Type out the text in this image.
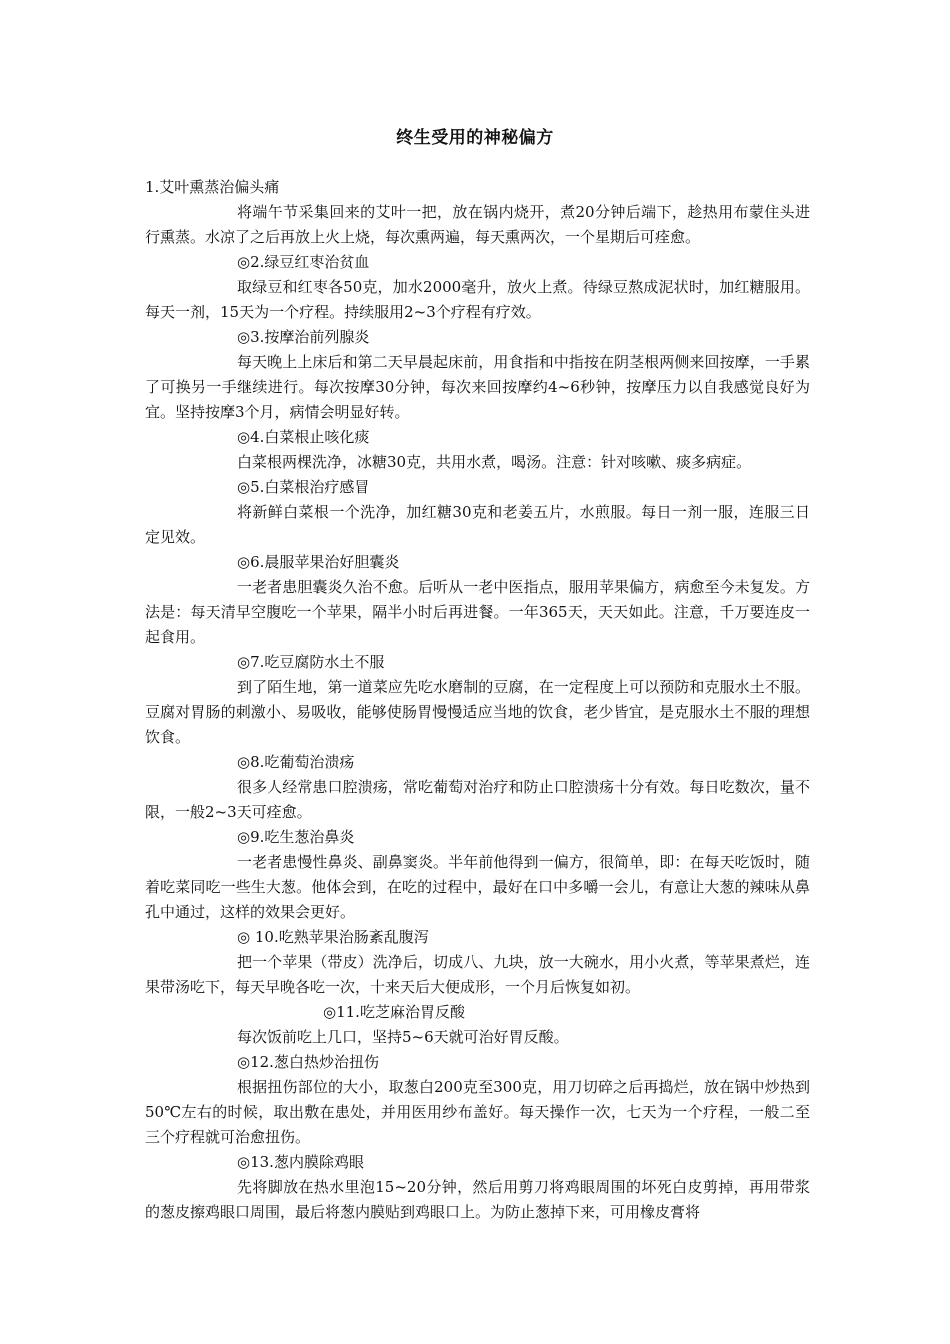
终生受用的神秘偏方

1.艾叶熏蒸治偏头痛

将端午节采集回来的艾叶一把，放在锅内烧开，煮20分钟后端下，趁热用布蒙住头进行熏蒸。水凉了之后再放上火上烧，每次熏两遍，每天熏两次，一个星期后可痊愈。

◎2.绿豆红枣治贫血

取绿豆和红枣各50克，加水2000毫升，放火上煮。待绿豆熬成泥状时，加红糖服用。每天一剂，15天为一个疗程。持续服用2~3个疗程有疗效。

◎3.按摩治前列腺炎

每天晚上上床后和第二天早晨起床前，用食指和中指按在阴茎根两侧来回按摩，一手累了可换另一手继续进行。每次按摩30分钟，每次来回按摩约4~6秒钟，按摩压力以自我感觉良好为宜。坚持按摩3个月，病情会明显好转。

◎4.白菜根止咳化痰

白菜根两棵洗净，冰糖30克，共用水煮，喝汤。注意：针对咳嗽、痰多病症。

◎5.白菜根治疗感冒

将新鲜白菜根一个洗净，加红糖30克和老姜五片，水煎服。每日一剂一服，连服三日定见效。

◎6.晨服苹果治好胆囊炎

一老者患胆囊炎久治不愈。后听从一老中医指点，服用苹果偏方，病愈至今未复发。方法是：每天清早空腹吃一个苹果，隔半小时后再进餐。一年365天，天天如此。注意，千万要连皮一起食用。

◎7.吃豆腐防水土不服

到了陌生地，第一道菜应先吃水磨制的豆腐，在一定程度上可以预防和克服水土不服。豆腐对胃肠的刺激小、易吸收，能够使肠胃慢慢适应当地的饮食，老少皆宜，是克服水土不服的理想饮食。

◎8.吃葡萄治溃疡

很多人经常患口腔溃疡，常吃葡萄对治疗和防止口腔溃疡十分有效。每日吃数次，量不限，一般2~3天可痊愈。

◎9.吃生葱治鼻炎

一老者患慢性鼻炎、副鼻窦炎。半年前他得到一偏方，很简单，即：在每天吃饭时，随着吃菜同吃一些生大葱。他体会到，在吃的过程中，最好在口中多嚼一会儿，有意让大葱的辣味从鼻孔中通过，这样的效果会更好。

◎ 10.吃熟苹果治肠紊乱腹泻

把一个苹果（带皮）洗净后，切成八、九块，放一大碗水，用小火煮，等苹果煮烂，连果带汤吃下，每天早晚各吃一次，十来天后大便成形，一个月后恢复如初。

◎11.吃芝麻治胃反酸

每次饭前吃上几口，坚持5~6天就可治好胃反酸。

◎12.葱白热炒治扭伤

根据扭伤部位的大小，取葱白200克至300克，用刀切碎之后再捣烂，放在锅中炒热到50℃左右的时候，取出敷在患处，并用医用纱布盖好。每天操作一次，七天为一个疗程，一般二至三个疗程就可治愈扭伤。

◎13.葱内膜除鸡眼

先将脚放在热水里泡15~20分钟，然后用剪刀将鸡眼周围的坏死白皮剪掉，再用带浆的葱皮擦鸡眼口周围，最后将葱内膜贴到鸡眼口上。为防止葱掉下来，可用橡皮膏将
